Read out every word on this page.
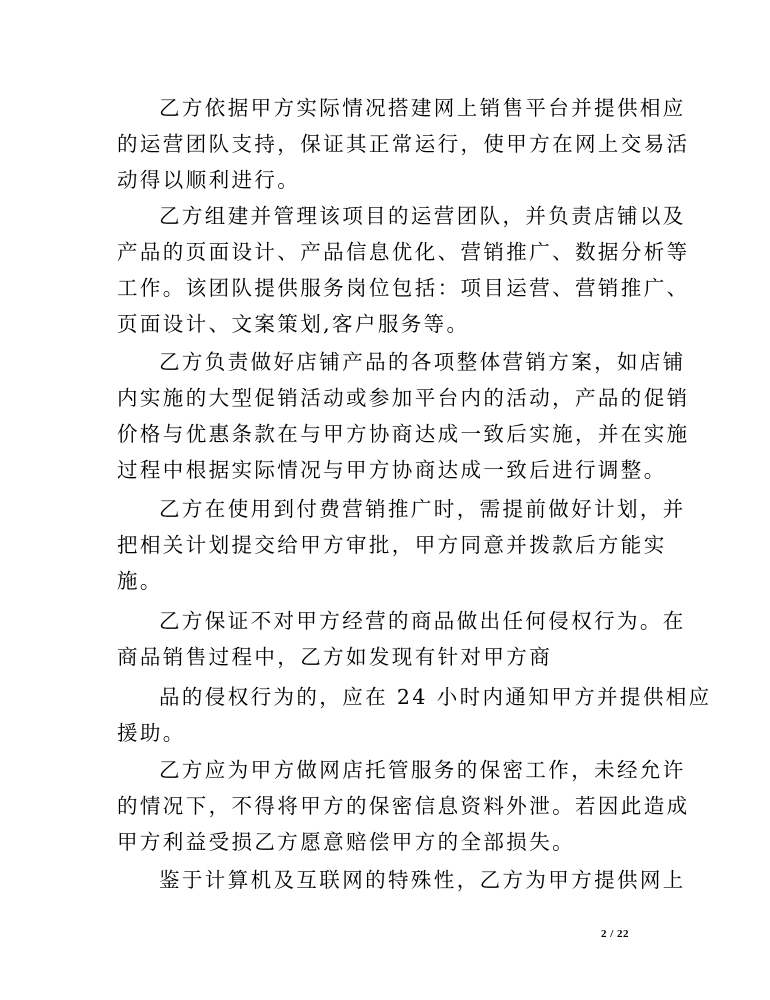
乙方依据甲方实际情况搭建网上销售平台并提供相应
的运营团队支持，保证其正常运行，使甲方在网上交易活
动得以顺利进行。
乙方组建并管理该项目的运营团队，并负责店铺以及
产品的页面设计、产品信息优化、营销推广、数据分析等
工作。该团队提供服务岗位包括：项目运营、营销推广、
页面设计、文案策划,客户服务等。
乙方负责做好店铺产品的各项整体营销方案，如店铺
内实施的大型促销活动或参加平台内的活动，产品的促销
价格与优惠条款在与甲方协商达成一致后实施，并在实施
过程中根据实际情况与甲方协商达成一致后进行调整。
乙方在使用到付费营销推广时，需提前做好计划，并
把相关计划提交给甲方审批，甲方同意并拨款后方能实
施。
乙方保证不对甲方经营的商品做出任何侵权行为。在
商品销售过程中，乙方如发现有针对甲方商
品的侵权行为的，应在 24 小时内通知甲方并提供相应
援助。
乙方应为甲方做网店托管服务的保密工作，未经允许
的情况下，不得将甲方的保密信息资料外泄。若因此造成
甲方利益受损乙方愿意赔偿甲方的全部损失。
鉴于计算机及互联网的特殊性，乙方为甲方提供网上
2 / 22
